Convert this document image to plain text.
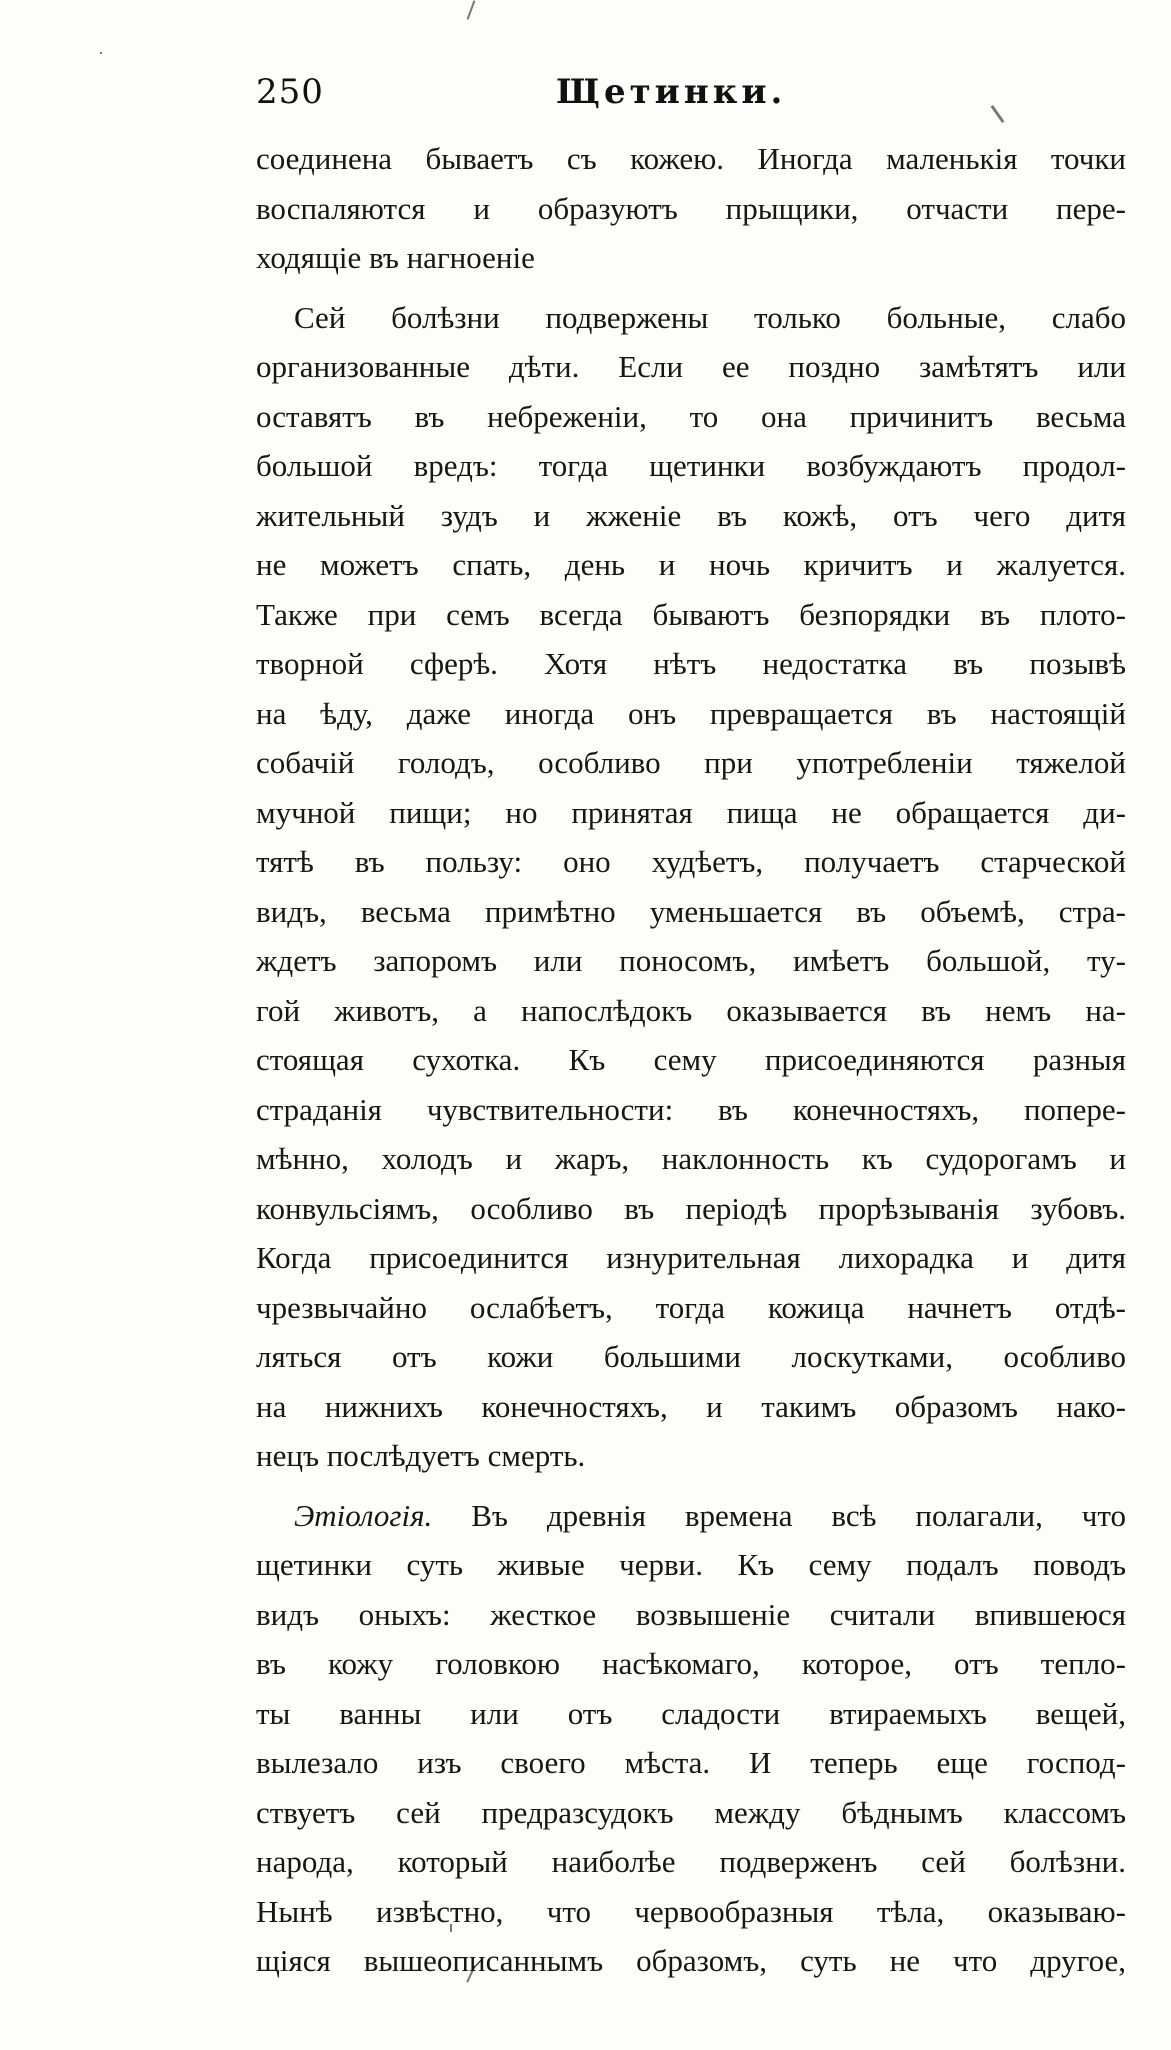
250	Щетинки.
соединена бываетъ съ кожею. Иногда маленькія точки
воспаляются и образуютъ прыщики, отчасти пере-
ходящіе въ нагноеніе
Сей болѣзни подвержены только больные, слабо
организованные дѣти. Если ее поздно замѣтятъ или
оставятъ въ небреженіи, то она причинитъ весьма
большой вредъ: тогда щетинки возбуждаютъ продол-
жительный зудъ и жженіе въ кожѣ, отъ чего дитя
не можетъ спать, день и ночь кричитъ и жалуется.
Также при семъ всегда бываютъ безпорядки въ плото-
творной сферѣ. Хотя нѣтъ недостатка въ позывѣ
на ѣду, даже иногда онъ превращается въ настоящій
собачій голодъ, особливо при употребленіи тяжелой
мучной пищи; но принятая пища не обращается ди-
тятѣ въ пользу: оно худѣетъ, получаетъ старческой
видъ, весьма примѣтно уменьшается въ объемѣ, стра-
ждетъ запоромъ или поносомъ, имѣетъ большой, ту-
гой животъ, а напослѣдокъ оказывается въ немъ на-
стоящая сухотка. Къ сему присоединяются разныя
страданія чувствительности: въ конечностяхъ, попере-
мѣнно, холодъ и жаръ, наклонность къ судорогамъ и
конвульсіямъ, особливо въ періодѣ прорѣзыванія зубовъ.
Когда присоединится изнурительная лихорадка и дитя
чрезвычайно ослабѣетъ, тогда кожица начнетъ отдѣ-
ляться отъ кожи большими лоскутками, особливо
на нижнихъ конечностяхъ, и такимъ образомъ нако-
нецъ послѣдуетъ смерть.
Этіологія. Въ древнія времена всѣ полагали, что
щетинки суть живые черви. Къ сему подалъ поводъ
видъ оныхъ: жесткое возвышеніе считали впившеюся
въ кожу головкою насѣкомаго, которое, отъ тепло-
ты ванны или отъ сладости втираемыхъ вещей,
вылезало изъ своего мѣста. И теперь еще господ-
ствуетъ сей предразсудокъ между бѣднымъ классомъ
народа, который наиболѣе подверженъ сей болѣзни.
Нынѣ извѣстно, что червообразныя тѣла, оказываю-
щіяся вышеописаннымъ образомъ, суть не что другое,
